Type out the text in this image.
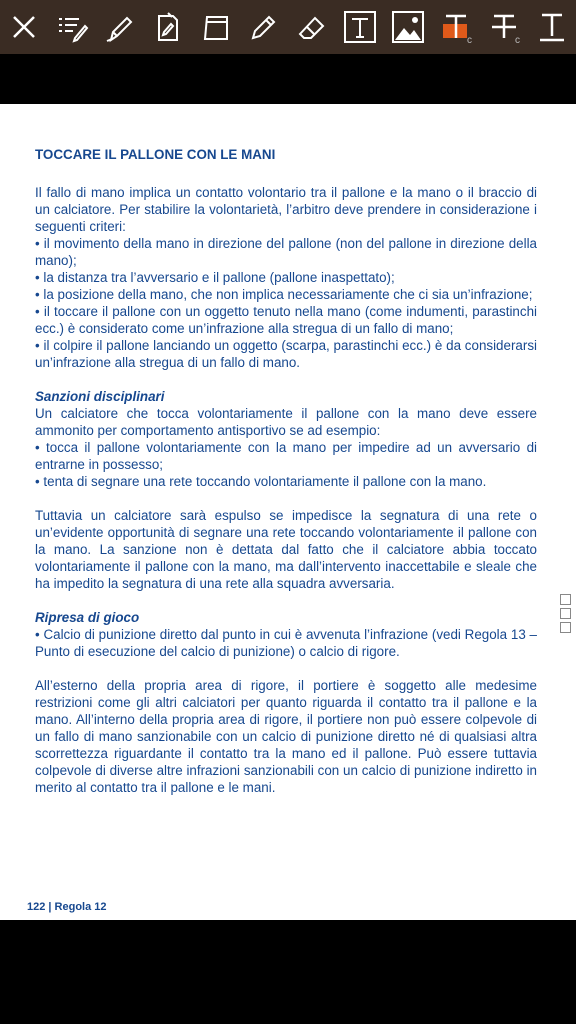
c	c

TOCCARE IL PALLONE CON LE MANI

Il fallo di mano implica un contatto volontario tra il pallone e la mano o il braccio di un calciatore. Per stabilire la volontarietà, l’arbitro deve prendere in considerazione i seguenti criteri:

• il movimento della mano in direzione del pallone (non del pallone in direzione della mano);

• la distanza tra l’avversario e il pallone (pallone inaspettato);

• la posizione della mano, che non implica necessariamente che ci sia un’infrazione;

• il toccare il pallone con un oggetto tenuto nella mano (come indumenti, parastinchi ecc.) è considerato come un’infrazione alla stregua di un fallo di mano;

• il colpire il pallone lanciando un oggetto (scarpa, parastinchi ecc.) è da considerarsi un’infrazione alla stregua di un fallo di mano.

Sanzioni disciplinari

Un calciatore che tocca volontariamente il pallone con la mano deve essere ammonito per comportamento antisportivo se ad esempio:

• tocca il pallone volontariamente con la mano per impedire ad un avversario di entrarne in possesso;

• tenta di segnare una rete toccando volontariamente il pallone con la mano.

Tuttavia un calciatore sarà espulso se impedisce la segnatura di una rete o un’evidente opportunità di segnare una rete toccando volontariamente il pallone con la mano. La sanzione non è dettata dal fatto che il calciatore abbia toccato volontariamente il pallone con la mano, ma dall’intervento inaccettabile e sleale che ha impedito la segnatura di una rete alla squadra avversaria.

Ripresa di gioco

• Calcio di punizione diretto dal punto in cui è avvenuta l’infrazione (vedi Regola 13 – Punto di esecuzione del calcio di punizione) o calcio di rigore.

All’esterno della propria area di rigore, il portiere è soggetto alle medesime restrizioni come gli altri calciatori per quanto riguarda il contatto tra il pallone e la mano. All’interno della propria area di rigore, il portiere non può essere colpevole di un fallo di mano sanzionabile con un calcio di punizione diretto né di qualsiasi altra scorrettezza riguardante il contatto tra la mano ed il pallone. Può essere tuttavia colpevole di diverse altre infrazioni sanzionabili con un calcio di punizione indiretto in merito al contatto tra il pallone e le mani.

122 | Regola 12
